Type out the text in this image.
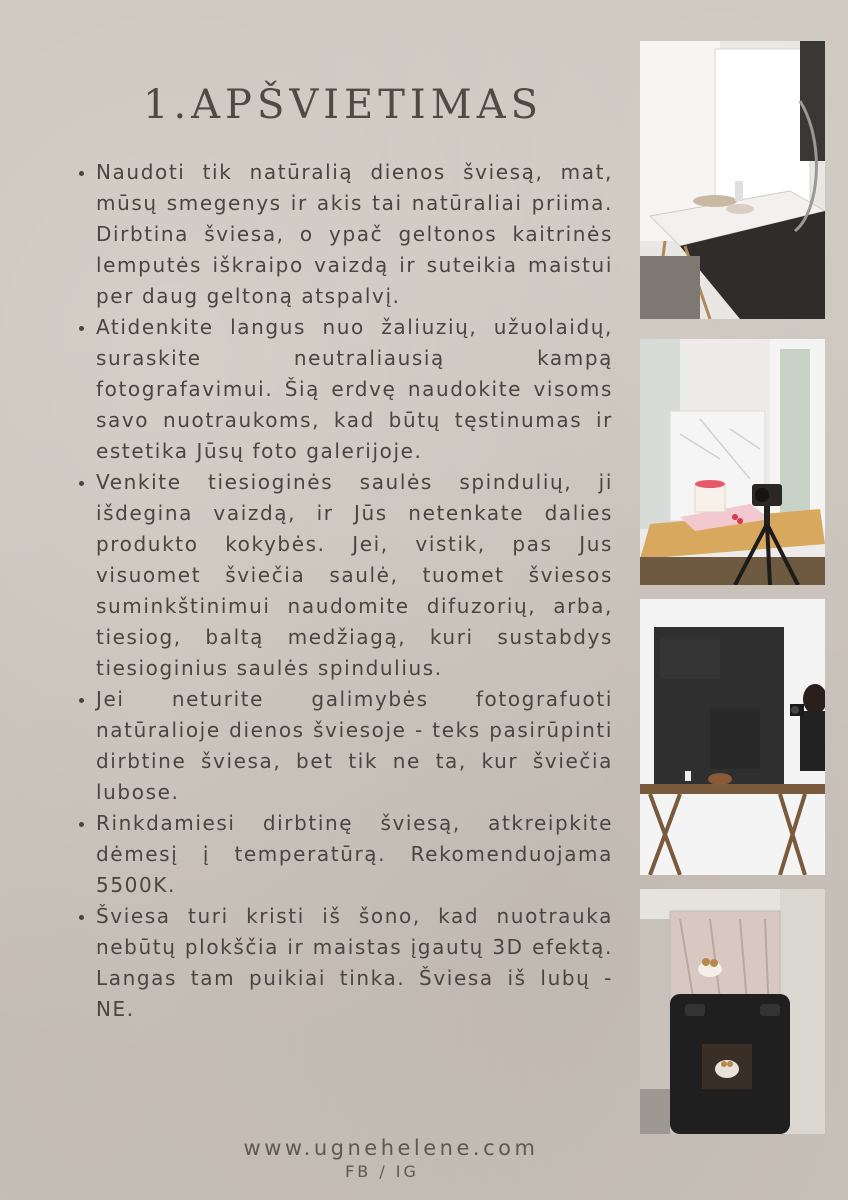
1.APŠVIETIMAS
• Naudoti tik natūralią dienos šviesą, mat, mūsų smegenys ir akis tai natūraliai priima. Dirbtina šviesa, o ypač geltonos kaitrinės lemputės iškraipo vaizdą ir suteikia maistui per daug geltoną atspalvį.
• Atidenkite langus nuo žaliuzių, užuolaidų, suraskite neutraliausią kampą fotografavimui. Šią erdvę naudokite visoms savo nuotraukoms, kad būtų tęstinumas ir estetika Jūsų foto galerijoje.
• Venkite tiesioginės saulės spindulių, ji išdegina vaizdą, ir Jūs netenkate dalies produkto kokybės. Jei, vistik, pas Jus visuomet šviečia saulė, tuomet šviesos suminkštinimui naudomite difuzorių, arba, tiesiog, baltą medžiagą, kuri sustabdys tiesioginius saulės spindulius.
• Jei neturite galimybės fotografuoti natūralioje dienos šviesoje - teks pasirūpinti dirbtine šviesa, bet tik ne ta, kur šviečia lubose.
• Rinkdamiesi dirbtinę šviesą, atkreipkite dėmesį į temperatūrą. Rekomenduojama 5500K.
• Šviesa turi kristi iš šono, kad nuotrauka nebūtų plokščia ir maistas įgautų 3D efektą. Langas tam puikiai tinka. Šviesa iš lubų - NE.
www.ugnehelene.com
FB / IG
